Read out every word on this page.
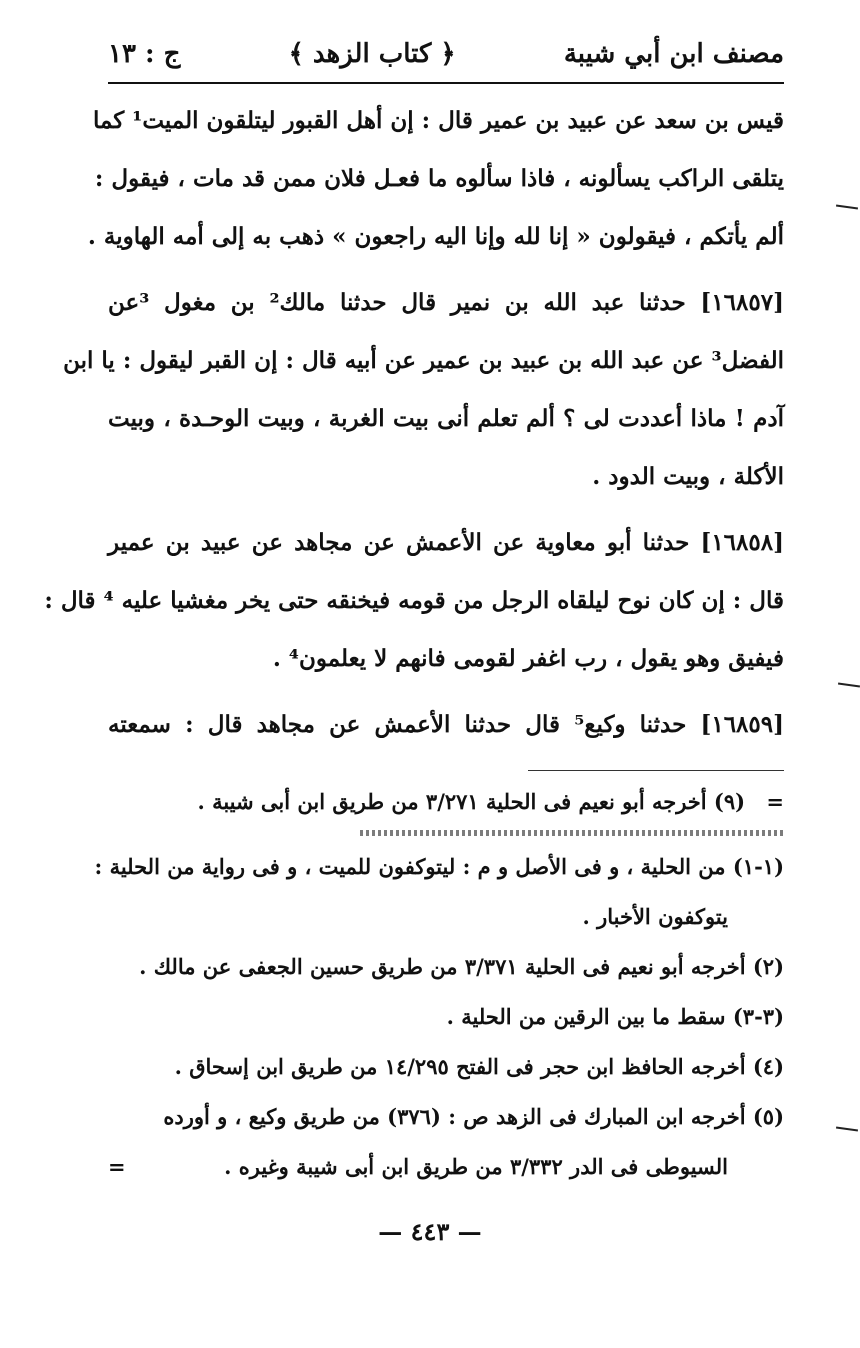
مصنف ابن أبي شيبة
﴿ كتاب الزهد ﴾
ج : ١٣
قيس بن سعد عن عبيد بن عمير قال : إن أهل القبور ليتلقون الميت¹ كما
يتلقى الراكب يسألونه ، فاذا سألوه ما فعـل فلان ممن قد مات ، فيقول :
ألم يأتكم ، فيقولون « إنا لله وإنا اليه راجعون » ذهب به إلى أمه الهاوية .
[١٦٨٥٧] حدثنا عبد الله بن نمير قال حدثنا مالك² بن مغول ³عن
الفضل³ عن عبد الله بن عبيد بن عمير عن أبيه قال : إن القبر ليقول : يا ابن
آدم ! ماذا أعددت لى ؟ ألم تعلم أنى بيت الغربة ، وبيت الوحـدة ، وبيت
الأكلة ، وبيت الدود .
[١٦٨٥٨] حدثنا أبو معاوية عن الأعمش عن مجاهد عن عبيد بن عمير
قال : إن كان نوح ليلقاه الرجل من قومه فيخنقه حتى يخر مغشيا عليه ⁴ قال :
فيفيق وهو يقول ، رب اغفر لقومى فانهم لا يعلمون⁴ .
[١٦٨٥٩] حدثنا وكيع⁵ قال حدثنا الأعمش عن مجاهد قال : سمعته
= (٩) أخرجه أبو نعيم فى الحلية ٣/٢٧١ من طريق ابن أبى شيبة .
(١-١) من الحلية ، و فى الأصل و م : ليتوكفون للميت ، و فى رواية من الحلية :
يتوكفون الأخبار .
(٢) أخرجه أبو نعيم فى الحلية ٣/٣٧١ من طريق حسين الجعفى عن مالك .
(٣-٣) سقط ما بين الرقين من الحلية .
(٤) أخرجه الحافظ ابن حجر فى الفتح ١٤/٢٩٥ من طريق ابن إسحاق .
(٥) أخرجه ابن المبارك فى الزهد ص : (٣٧٦) من طريق وكيع ، و أورده
السيوطى فى الدر ٣/٣٣٢ من طريق ابن أبى شيبة وغيره .
=
— ٤٤٣ —
